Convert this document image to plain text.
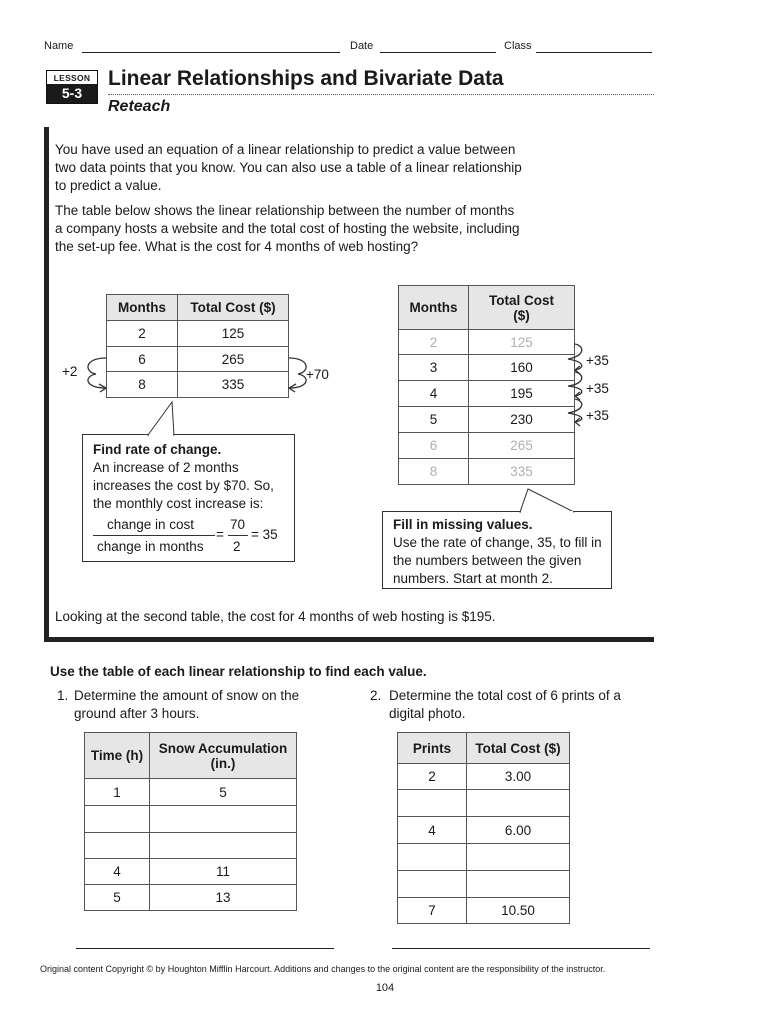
Name	Date	Class
LESSON
5-3
Linear Relationships and Bivariate Data
Reteach

You have used an equation of a linear relationship to predict a value between two data points that you know. You can also use a table of a linear relationship to predict a value.

The table below shows the linear relationship between the number of months a company hosts a website and the total cost of hosting the website, including the set-up fee. What is the cost for 4 months of web hosting?

Months	Total Cost ($)
2	125
6	265
8	335
+2	+70
Find rate of change.
An increase of 2 months increases the cost by $70. So, the monthly cost increase is:
change in cost
change in months
=
70
2
= 35
Months	Total Cost ($)
2	125
3	160
4	195
5	230
6	265
8	335
+35
+35
+35
Fill in missing values.
Use the rate of change, 35, to fill in the numbers between the given numbers. Start at month 2.
Looking at the second table, the cost for 4 months of web hosting is $195.
Use the table of each linear relationship to find each value.
1. Determine the amount of snow on the ground after 3 hours.
2. Determine the total cost of 6 prints of a digital photo.
Time (h)	Snow Accumulation (in.)
1	5

4	11
5	13
Prints	Total Cost ($)
2	3.00

4	6.00

7	10.50
Original content Copyright © by Houghton Mifflin Harcourt. Additions and changes to the original content are the responsibility of the instructor.
104
